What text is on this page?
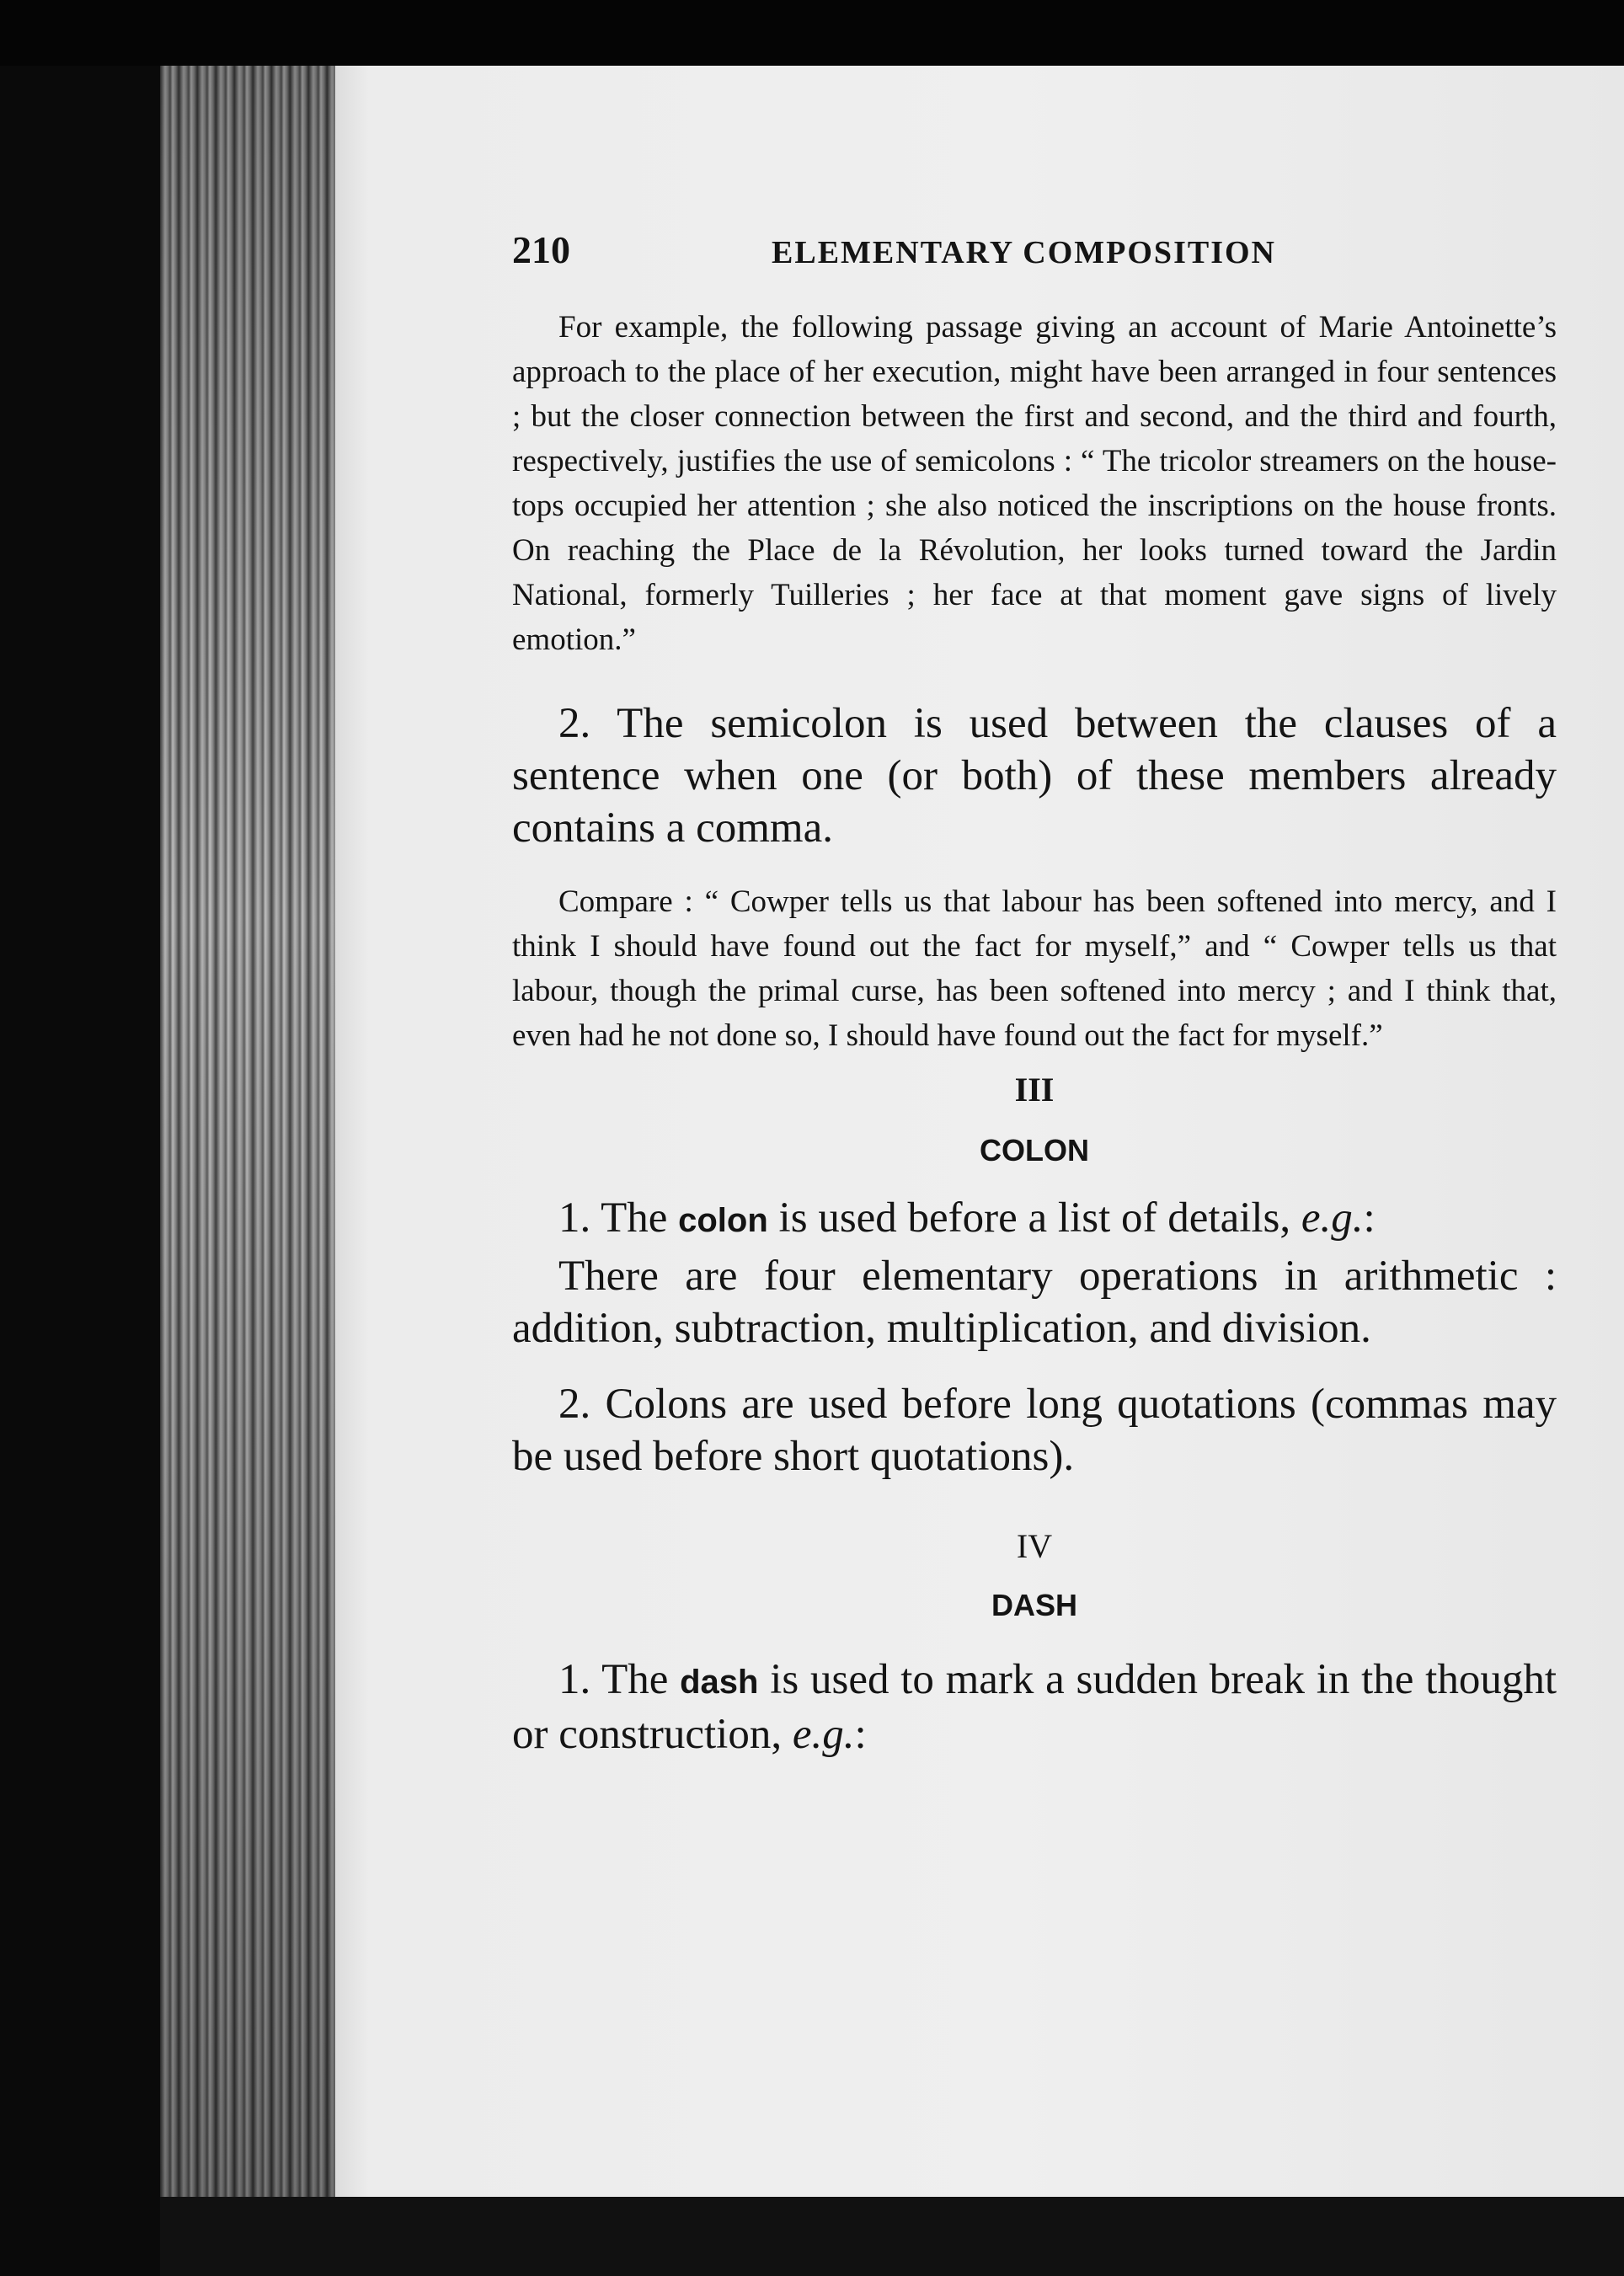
210	ELEMENTARY COMPOSITION

For example, the following passage giving an account of Marie Antoinette’s approach to the place of her execution, might have been arranged in four sentences ; but the closer connection between the first and second, and the third and fourth, respectively, justifies the use of semicolons : “ The tricolor streamers on the house-tops occupied her attention ; she also noticed the inscriptions on the house fronts. On reaching the Place de la Révolution, her looks turned toward the Jardin National, formerly Tuilleries ; her face at that moment gave signs of lively emotion.”

2. The semicolon is used between the clauses of a sentence when one (or both) of these members already contains a comma.

Compare : “ Cowper tells us that labour has been softened into mercy, and I think I should have found out the fact for myself,” and “ Cowper tells us that labour, though the primal curse, has been softened into mercy ; and I think that, even had he not done so, I should have found out the fact for myself.”

III

COLON

1. The colon is used before a list of details, e.g.:

There are four elementary operations in arithmetic : addition, subtraction, multiplication, and division.

2. Colons are used before long quotations (commas may be used before short quotations).

IV

DASH

1. The dash is used to mark a sudden break in the thought or construction, e.g.:
